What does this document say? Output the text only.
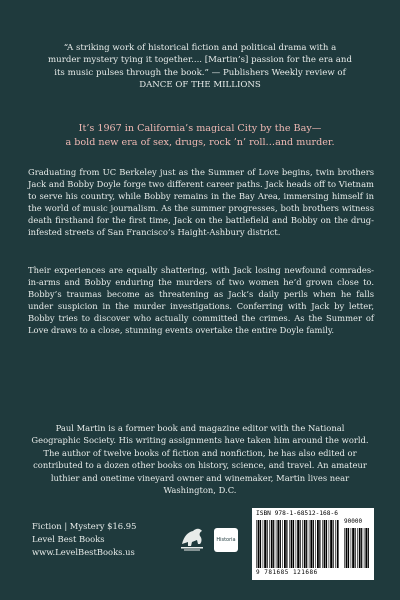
“A striking work of historical fiction and political drama with a
murder mystery tying it together.... [Martin’s] passion for the era and
its music pulses through the book.” — Publishers Weekly review of
DANCE OF THE MILLIONS
It’s 1967 in California’s magical City by the Bay—
a bold new era of sex, drugs, rock ’n’ roll…and murder.

Graduating from UC Berkeley just as the Summer of Love begins, twin brothers Jack and Bobby Doyle forge two different career paths. Jack heads off to Vietnam to serve his country, while Bobby remains in the Bay Area, immersing himself in the world of music journalism. As the summer progresses, both brothers witness death firsthand for the first time, Jack on the battlefield and Bobby on the drug-infested streets of San Francisco’s Haight-Ashbury district.

Their experiences are equally shattering, with Jack losing newfound comrades-in-arms and Bobby enduring the murders of two women he’d grown close to. Bobby’s traumas become as threatening as Jack’s daily perils when he falls under suspicion in the murder investigations. Conferring with Jack by letter, Bobby tries to discover who actually committed the crimes. As the Summer of Love draws to a close, stunning events overtake the entire Doyle family.

Paul Martin is a former book and magazine editor with the National Geographic Society. His writing assignments have taken him around the world. The author of twelve books of fiction and nonfiction, he has also edited or contributed to a dozen other books on history, science, and travel. An amateur luthier and onetime vineyard owner and winemaker, Martin lives near Washington, D.C.

Fiction | Mystery $16.95
Level Best Books
www.LevelBestBooks.us
Historia
ISBN 978-1-68512-168-6
90000
9 781685 121686
